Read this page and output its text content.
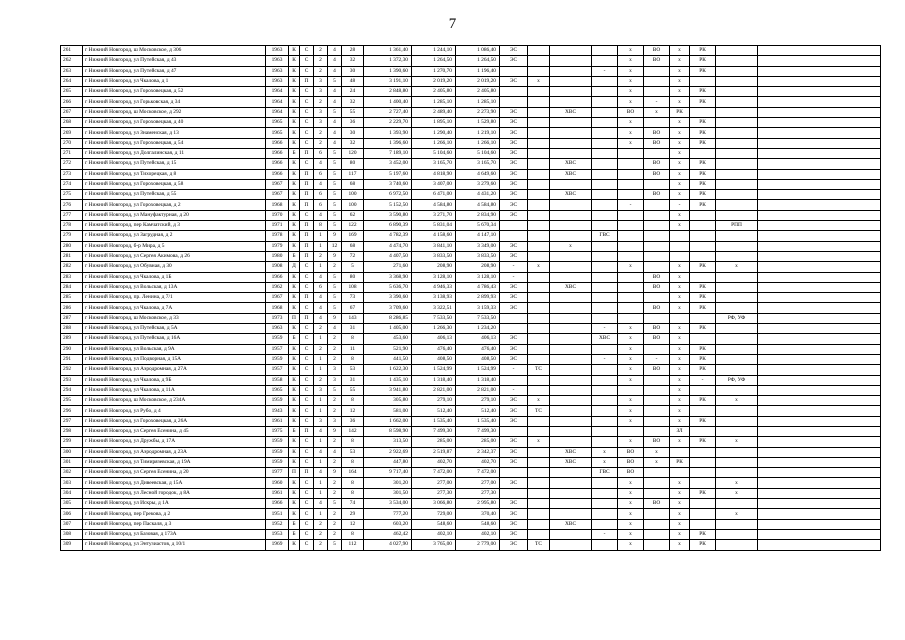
7
261	г Нижний Новгород, ш Московское, д 306	1963	К	С	2	4	28	1 361,40	1 244,10	1 086,40	ЭС				х	ВО	х	РК		
262	г Нижний Новгород, ул Путейская, д 43	1963	К	С	2	4	32	1 372,30	1 264,50	1 264,50	ЭС				х	ВО	х	РК		
263	г Нижний Новгород, ул Путейская, д 47	1963	К	С	2	4	30	1 390,60	1 270,70	1 196,40				-	х		х	РК		
264	г Нижний Новгород, ул Чкалова, д 1	1963	К	П	3	5	48	3 191,10	2 019,20	2 019,20	ЭС	х			х		х			
265	г Нижний Новгород, ул Гороховецкая, д 52	1964	К	С	3	4	24	2 848,80	2 405,80	2 405,80					х		х	РК		
266	г Нижний Новгород, ул Горьковская, д 34	1964	К	С	2	4	32	1 400,40	1 285,10	1 285,10					х	-	х	РК		
267	г Нижний Новгород, ш Московское, д 292	1964	К	С	3	5	55	2 727,40	2 489,40	2 273,90	ЭС		ХВС		ВО	х	РК			
268	г Нижний Новгород, ул Гороховецкая, д 40	1965	К	С	3	4	36	2 229,70	1 895,10	1 529,80	ЭС				х		х	РК		
269	г Нижний Новгород, ул Знаменская, д 13	1965	К	С	2	4	30	1 393,90	1 290,40	1 219,10	ЭС				х	ВО	х	РК		
270	г Нижний Новгород, ул Гороховецкая, д 54	1966	К	С	2	4	32	1 396,60	1 266,10	1 266,10	ЭС				х	ВО	х	РК		
271	г Нижний Новгород, ул Долгалинская, д 11	1966	Б	П	6	5	120	7 189,10	5 104,60	5 104,60	ЭС						х			
272	г Нижний Новгород, ул Путейская, д 15	1966	К	С	4	5	80	3 452,00	3 165,70	3 165,70	ЭС		ХВС			ВО	х	РК		
273	г Нижний Новгород, ул Тихорецкая, д 8	1966	К	П	6	5	117	5 197,60	4 818,90	4 649,60	ЭС		ХВС			ВО	х	РК		
274	г Нижний Новгород, ул Гороховецкая, д 58	1967	К	П	4	5	68	3 740,60	3 407,00	3 279,60	ЭС						х	РК		
275	г Нижний Новгород, ул Путейская, д 55	1967	К	П	6	5	100	6 972,50	6 471,00	4 431,20	ЭС		ХВС			ВО	х	РК		
276	г Нижний Новгород, ул Гороховецкая, д 2	1968	К	П	6	5	100	5 152,50	4 584,80	4 584,80	ЭС				-		-	РК		
277	г Нижний Новгород, ул Мануфактурная, д 20	1970	К	С	4	5	62	3 590,80	3 271,70	2 834,90	ЭС						х			
278	г Нижний Новгород, пер Камчатский, д 3	1971	К	П	8	5	122	6 890,39	5 831,04	5 670,34							х		РПП	
279	г Нижний Новгород, ул Загрудная, д 2	1978	К	П	1	9	169	4 782,39	4 158,60	4 147,10				ГВС						
280	г Нижний Новгород, б-р Мира, д 5	1979	К	П	1	12	68	4 474,70	3 841,10	3 349,00	ЭС		х							
281	г Нижний Новгород, ул Сергея Акимова, д 26	1980	Б	П	2	9	72	4 407,50	3 833,50	3 833,50	ЭС									
282	г Нижний Новгород, ул Обувная, д 30	1908	Д	С	1	2	5	271,60	208,90	208,90	-	х			х		х	РК	х	
283	г Нижний Новгород, ул Чкалова, д 1Б	1966	К	С	4	5	80	3 368,90	3 128,10	3 128,10	-					ВО	х			
284	г Нижний Новгород, ул Вольская, д 13А	1962	К	С	6	5	108	5 636,70	4 946,33	4 786,43	ЭС		ХВС			ВО	х	РК		
285	г Нижний Новгород, пр. Ленина, д 7/1	1967	К	П	4	5	73	3 390,60	3 138,93	2 899,93	ЭС						х	РК		
286	г Нижний Новгород, ул Чкалова, д 7А	1968	К	С	4	5	67	3 709,60	3 322,51	3 159,33	ЭС					ВО	х	РК		
287	г Нижний Новгород, ш Московское, д 33	1973	П	П	4	9	143	8 286,85	7 533,50	7 533,50									РФ, УФ	
288	г Нижний Новгород, ул Путейская, д 5А	1963	К	С	2	4	31	1 405,00	1 266,30	1 234,20				-	х	ВО	х	РК		
289	г Нижний Новгород, ул Путейская, д 16А	1959	Б	С	1	2	8	453,60	406,13	406,13	ЭС			ХВС	х	ВО	х			
290	г Нижний Новгород, ул Вольская, д 9А	1957	К	С	2	2	11	521,90	476,40	476,40	ЭС				х		х	РК		
291	г Нижний Новгород, ул Подворная, д 15А	1959	К	С	1	2	8	441,50	408,50	408,50	ЭС			-	х	-	х	РК		
292	г Нижний Новгород, ул Аэродромная, д 27А	1957	К	С	1	3	53	1 622,30	1 524,99	1 524,99	-	ТС			х	ВО	х	РК		
293	г Нижний Новгород, ул Чкалова, д 9Б	1958	К	С	2	3	31	1 435,10	1 318,40	1 318,40					х		х	-	РФ, УФ	
294	г Нижний Новгород, ул Чкалова, д 11А	1965	К	С	3	5	55	3 941,80	2 821,00	2 821,00	-						х			
295	г Нижний Новгород, ш Московское, д 234А	1959	К	С	1	2	8	305,80	279,10	279,10	ЭС	х			х		х	РК	х	
296	г Нижний Новгород, ул Рубо, д 4	1943	К	С	1	2	12	581,00	512,40	512,40	ЭС	ТС			х		х			
297	г Нижний Новгород, ул Гороховецкая, д 26А	1961	К	С	3	3	36	1 662,00	1 535,40	1 535,40	ЭС				х		х	РК		
298	г Нижний Новгород, ул Сергея Есенина, д 45	1975	Б	П	4	9	142	8 598,90	7 499,30	7 499,30							ЗЛ			
299	г Нижний Новгород, ул Дружбы, д 17А	1959	К	С	1	2	8	313,50	285,00	285,00	ЭС	х			х	ВО	х	РК	х	
300	г Нижний Новгород, ул Аэродромная, д 23А	1959	К	С	4	4	53	2 922,69	2 519,87	2 342,37	ЭС		ХВС	х	ВО	х				
301	г Нижний Новгород, ул Тимирязевская, д 19А	1959	К	С	1	2	8	447,80	402,70	402,70	ЭС		ХВС	х	ВО	х	РК			
302	г Нижний Новгород, ул Сергея Есенина, д 20	1977	П	П	4	9	164	9 717,40	7 472,00	7 472,00				ГВС	ВО					
303	г Нижний Новгород, ул Дивеевская, д 15А	1960	К	С	1	2	8	301,20	277,00	277,00	ЭС				х		х		х	
304	г Нижний Новгород, ул Лесной городок, д 8А	1961	К	С	1	2	8	301,50	277,30	277,30					х		х	РК	х	
305	г Нижний Новгород, ул Искры, д 1А	1966	К	С	4	5	74	3 534,00	3 066,80	2 995,80	ЭС				х	ВО	х			
306	г Нижний Новгород, пер Грекова, д 2	1951	К	С	1	2	29	777,20	729,00	370,40	ЭС				х		х		х	
307	г Нижний Новгород, пер Паскаля, д 3	1952	Б	С	2	2	12	603,20	548,60	548,60	ЭС		ХВС		х		х			
308	г Нижний Новгород, ул Базовая, д 173А	1953	Б	С	2	2	8	462,42	402,10	402,10	ЭС			-	х		х	РК		
309	г Нижний Новгород, ул Энтузиастов, д 10/1	1969	К	С	2	5	112	4 027,90	3 765,00	2 779,00	ЭС	ТС			х		х	РК		
